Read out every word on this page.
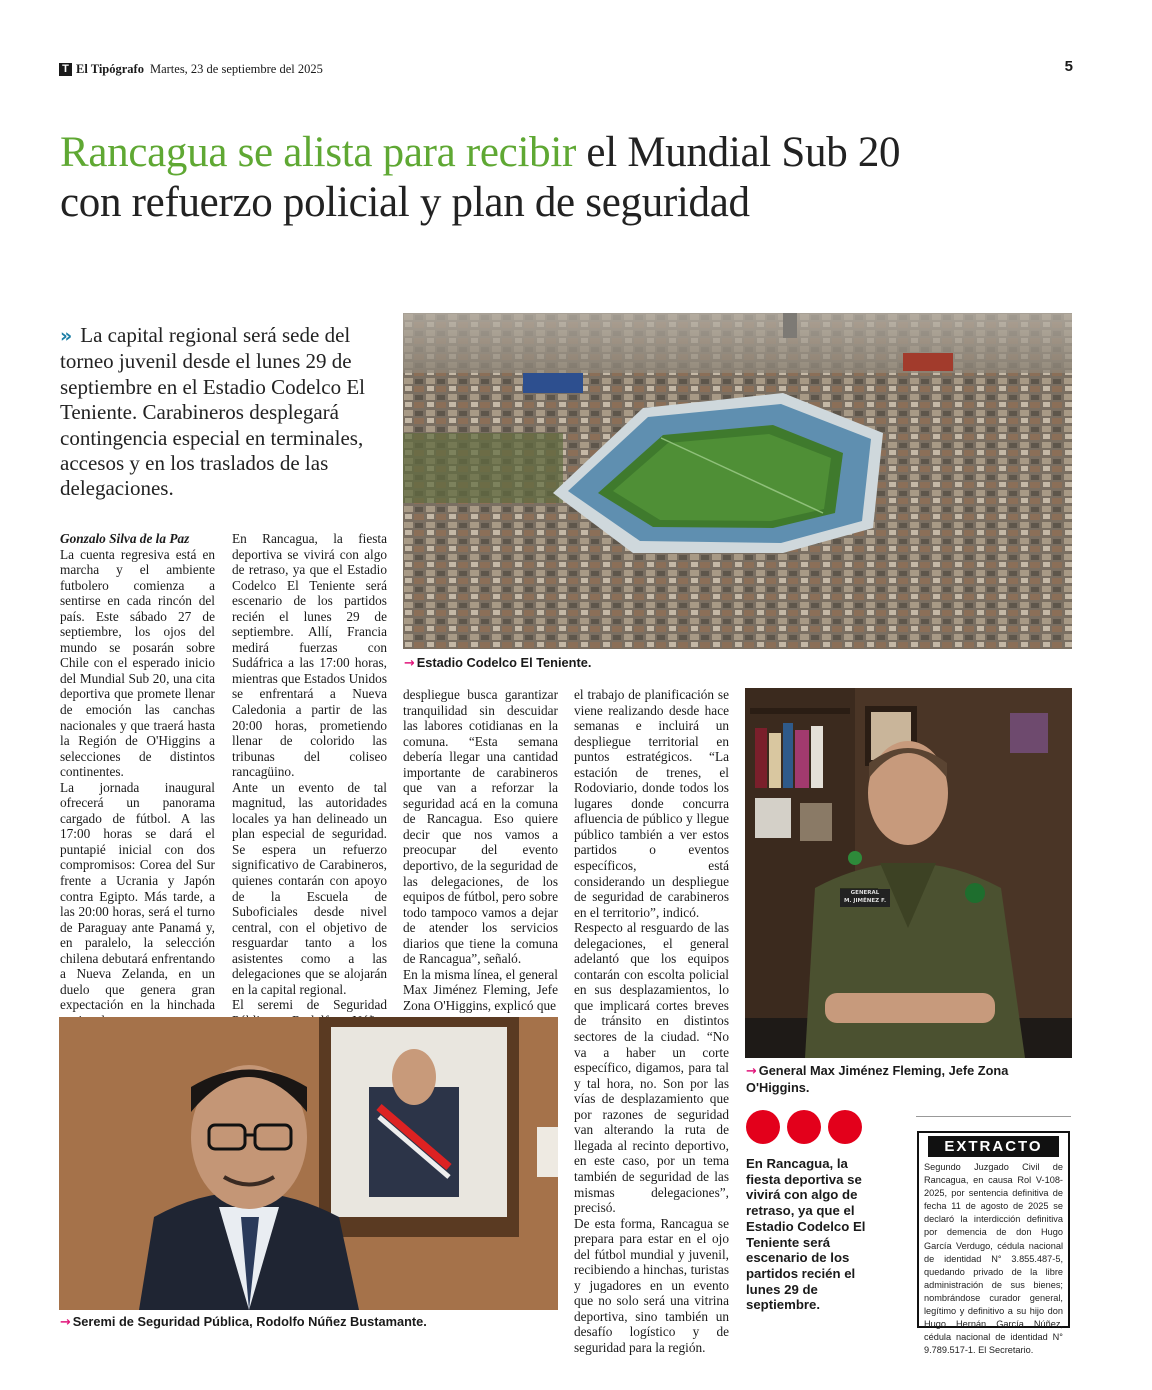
T El Tipógrafo Martes, 23 de septiembre del 2025	5
Rancagua se alista para recibir el Mundial Sub 20
con refuerzo policial y plan de seguridad
» La capital regional será sede del torneo juvenil desde el lunes 29 de septiembre en el Estadio Codelco El Teniente. Carabineros desplegará contingencia especial en terminales, accesos y en los traslados de las delegaciones.
→ Estadio Codelco El Teniente.

Gonzalo Silva de la Paz

La cuenta regresiva está en marcha y el ambiente futbolero comienza a sentirse en cada rincón del país. Este sábado 27 de septiembre, los ojos del mundo se posarán sobre Chile con el esperado inicio del Mundial Sub 20, una cita deportiva que promete llenar de emoción las canchas nacionales y que traerá hasta la Región de O'Higgins a selecciones de distintos continentes.

La jornada inaugural ofrecerá un panorama cargado de fútbol. A las 17:00 horas se dará el puntapié inicial con dos compromisos: Corea del Sur frente a Ucrania y Japón contra Egipto. Más tarde, a las 20:00 horas, será el turno de Paraguay ante Panamá y, en paralelo, la selección chilena debutará enfrentando a Nueva Zelanda, en un duelo que genera gran expectación en la hinchada

En Rancagua, la fiesta deportiva se vivirá con algo de retraso, ya que el Estadio Codelco El Teniente será escenario de los partidos recién el lunes 29 de septiembre. Allí, Francia medirá fuerzas con Sudáfrica a las 17:00 horas, mientras que Estados Unidos se enfrentará a Nueva Caledonia a partir de las 20:00 horas, prometiendo llenar de colorido las tribunas del coliseo rancagüino.

Ante un evento de tal magnitud, las autoridades locales ya han delineado un plan especial de seguridad. Se espera un refuerzo significativo de Carabineros, quienes contarán con apoyo de la Escuela de Suboficiales desde nivel central, con el objetivo de resguardar tanto a los asistentes como a las delegaciones que se alojarán en la capital regional.

El seremi de Seguridad

despliegue busca garantizar tranquilidad sin descuidar las labores cotidianas en la comuna. “Esta semana debería llegar una cantidad importante de carabineros que van a reforzar la seguridad acá en la comuna de Rancagua. Eso quiere decir que nos vamos a preocupar del evento deportivo, de la seguridad de las delegaciones, de los equipos de fútbol, pero sobre todo tampoco vamos a dejar de atender los servicios diarios que tiene la comuna de Rancagua”, señaló.

En la misma línea, el general Max Jiménez Fleming, Jefe Zona O'Higgins, explicó que

el trabajo de planificación se viene realizando desde hace semanas e incluirá un despliegue territorial en puntos estratégicos. “La estación de trenes, el Rodoviario, donde todos los lugares donde concurra afluencia de público y llegue público también a ver estos partidos o eventos específicos, está considerando un despliegue de seguridad de carabineros en el territorio”, indicó.

Respecto al resguardo de las delegaciones, el general adelantó que los equipos contarán con escolta policial en sus desplazamientos, lo que implicará cortes breves de tránsito en distintos sectores de la ciudad. “No va a haber un corte específico, digamos, para tal y tal hora, no. Son por las vías de desplazamiento que por razones de seguridad van alterando la ruta de llegada al recinto deportivo, en este caso, por un tema también de seguridad de las mismas delegaciones”, precisó.

De esta forma, Rancagua se prepara para estar en el ojo del fútbol mundial y juvenil, recibiendo a hinchas, turistas y jugadores en un evento que no solo será una vitrina deportiva, sino también un desafío logístico y de seguridad para la región.

GENERAL
M. JIMÉNEZ F.
→ General Max Jiménez Fleming, Jefe Zona O'Higgins.
→ Seremi de Seguridad Pública, Rodolfo Núñez Bustamante.
En Rancagua, la fiesta deportiva se vivirá con algo de retraso, ya que el Estadio Codelco El Teniente será escenario de los partidos recién el lunes 29 de septiembre.
EXTRACTO
Segundo Juzgado Civil de Rancagua, en causa Rol V-108-2025, por sentencia definitiva de fecha 11 de agosto de 2025 se declaró la interdicción definitiva por demencia de don Hugo García Verdugo, cédula nacional de identidad N° 3.855.487-5, quedando privado de la libre administración de sus bienes; nombrándose curador general, legítimo y definitivo a su hijo don Hugo Hernán García Núñez, cédula nacional de identidad N° 9.789.517-1. El Secretario.
